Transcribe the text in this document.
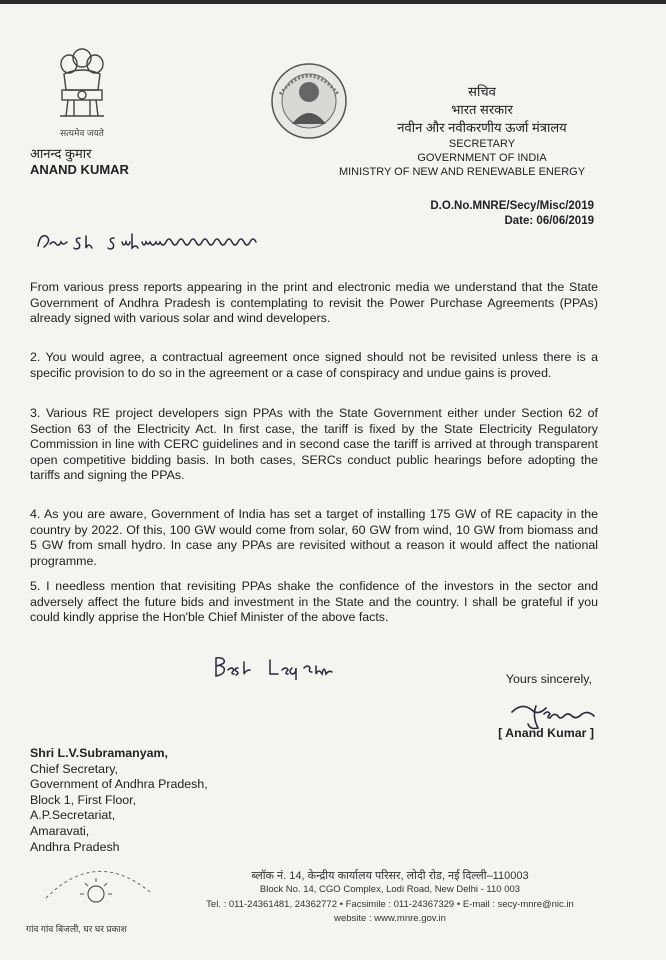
सत्यमेव जयते
आनन्द कुमार
ANAND KUMAR
सचिव
भारत सरकार
नवीन और नवीकरणीय ऊर्जा मंत्रालय
SECRETARY
GOVERNMENT OF INDIA
MINISTRY OF NEW AND RENEWABLE ENERGY
D.O.No.MNRE/Secy/Misc/2019
Date: 06/06/2019

From various press reports appearing in the print and electronic media we understand that the State Government of Andhra Pradesh is contemplating to revisit the Power Purchase Agreements (PPAs) already signed with various solar and wind developers.

2. You would agree, a contractual agreement once signed should not be revisited unless there is a specific provision to do so in the agreement or a case of conspiracy and undue gains is proved.

3. Various RE project developers sign PPAs with the State Government either under Section 62 of Section 63 of the Electricity Act. In first case, the tariff is fixed by the State Electricity Regulatory Commission in line with CERC guidelines and in second case the tariff is arrived at through transparent open competitive bidding basis. In both cases, SERCs conduct public hearings before adopting the tariffs and signing the PPAs.

4. As you are aware, Government of India has set a target of installing 175 GW of RE capacity in the country by 2022. Of this, 100 GW would come from solar, 60 GW from wind, 10 GW from biomass and 5 GW from small hydro. In case any PPAs are revisited without a reason it would affect the national programme.

5. I needless mention that revisiting PPAs shake the confidence of the investors in the sector and adversely affect the future bids and investment in the State and the country. I shall be grateful if you could kindly apprise the Hon'ble Chief Minister of the above facts.

Yours sincerely,
[ Anand Kumar ]
Shri L.V.Subramanyam,
Chief Secretary,
Government of Andhra Pradesh,
Block 1, First Floor,
A.P.Secretariat,
Amaravati,
Andhra Pradesh
गांव गांव बिजली, घर घर प्रकाश
ब्लॉक नं. 14, केन्द्रीय कार्यालय परिसर, लोदी रोड, नई दिल्ली–110003
Block No. 14, CGO Complex, Lodi Road, New Delhi - 110 003
Tel. : 011-24361481, 24362772 • Facsimile : 011-24367329 • E-mail : secy-mnre@nic.in
website : www.mnre.gov.in
